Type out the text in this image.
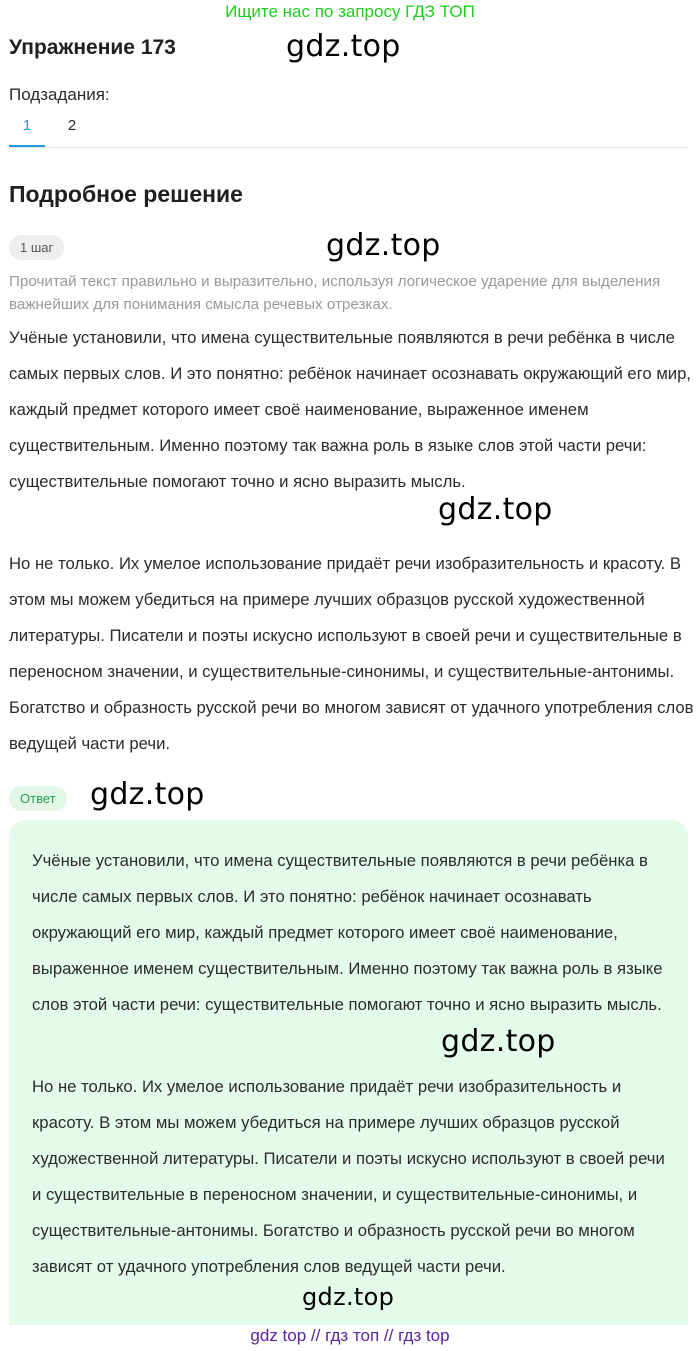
Ищите нас по запросу ГДЗ ТОП
Упражнение 173	gdz.top
Подзадания:
1	2
Подробное решение
1 шаг	gdz.top
Прочитай текст правильно и выразительно, используя логическое ударение для выделения важнейших для понимания смысла речевых отрезках.
Учёные установили, что имена существительные появляются в речи ребёнка в числе самых первых слов. И это понятно: ребёнок начинает осознавать окружающий его мир, каждый предмет которого имеет своё наименование, выраженное именем существительным. Именно поэтому так важна роль в языке слов этой части речи: существительные помогают точно и ясно выразить мысль.
gdz.top
Но не только. Их умелое использование придаёт речи изобразительность и красоту. В этом мы можем убедиться на примере лучших образцов русской художественной литературы. Писатели и поэты искусно используют в своей речи и существительные в переносном значении, и существительные-синонимы, и существительные-антонимы. Богатство и образность русской речи во многом зависят от удачного употребления слов ведущей части речи.
Ответ	gdz.top
Учёные установили, что имена существительные появляются в речи ребёнка в числе самых первых слов. И это понятно: ребёнок начинает осознавать окружающий его мир, каждый предмет которого имеет своё наименование, выраженное именем существительным. Именно поэтому так важна роль в языке слов этой части речи: существительные помогают точно и ясно выразить мысль.
gdz.top
Но не только. Их умелое использование придаёт речи изобразительность и красоту. В этом мы можем убедиться на примере лучших образцов русской художественной литературы. Писатели и поэты искусно используют в своей речи и существительные в переносном значении, и существительные-синонимы, и существительные-антонимы. Богатство и образность русской речи во многом зависят от удачного употребления слов ведущей части речи.
gdz.top
gdz top // гдз топ // гдз top
